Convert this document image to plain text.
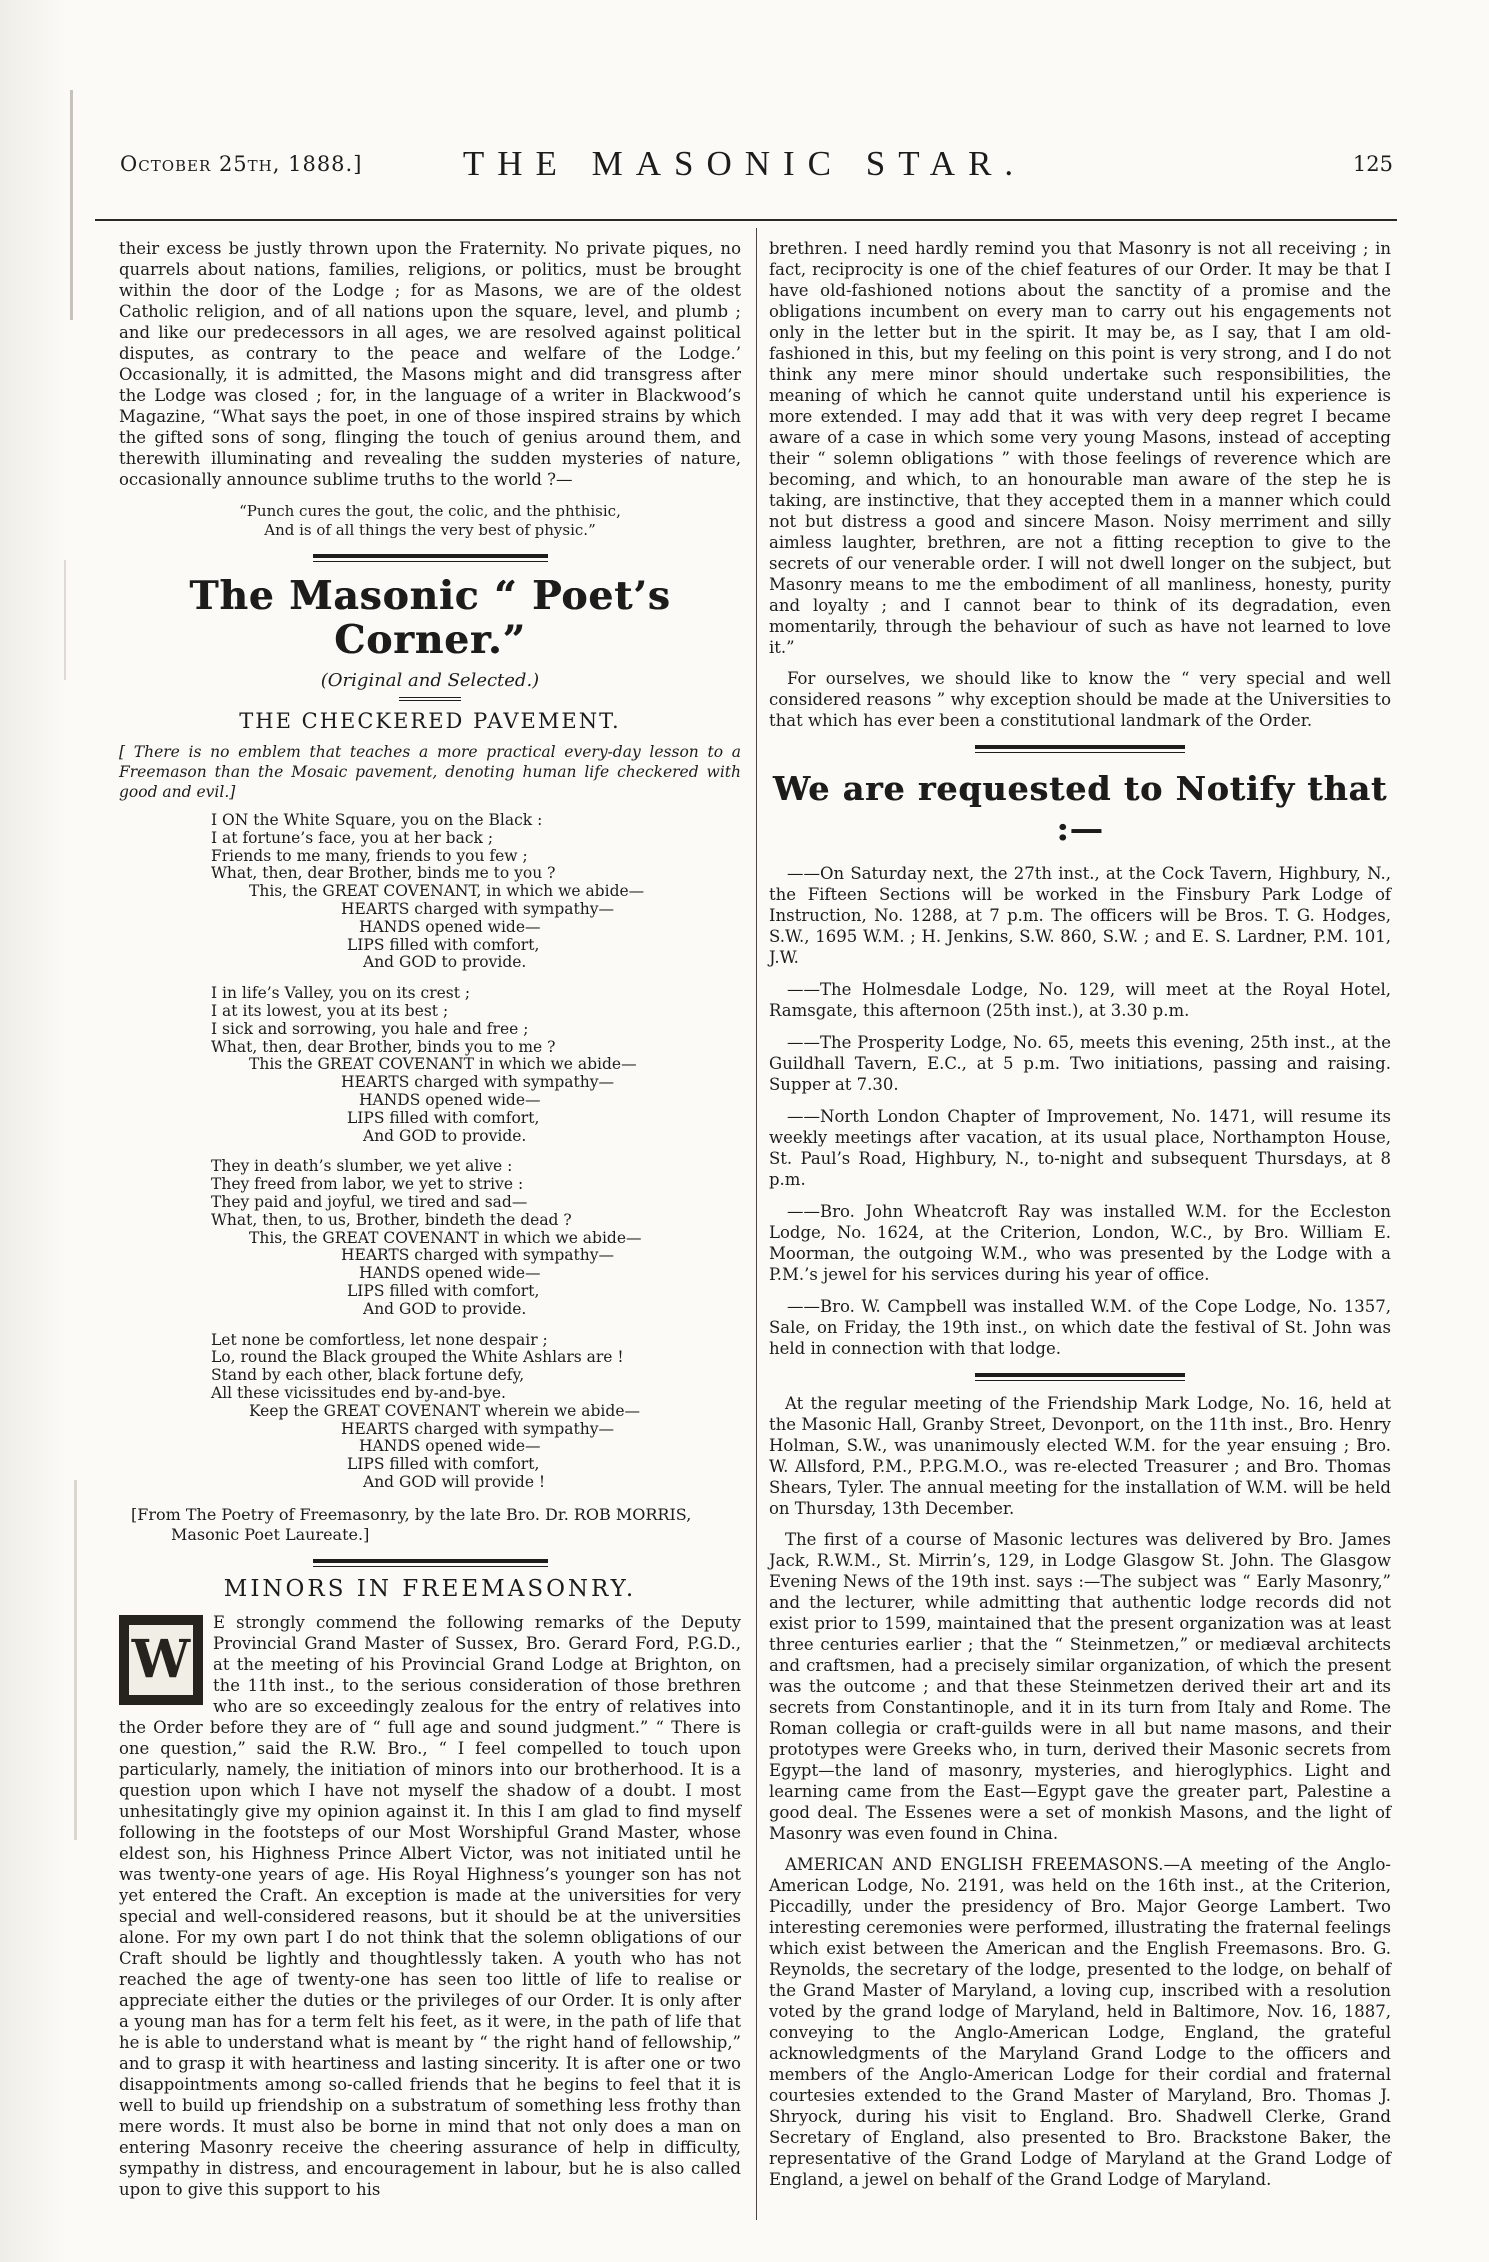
October 25th, 1888.]	THE MASONIC STAR.	125

their excess be justly thrown upon the Fraternity. No private piques, no quarrels about nations, families, religions, or politics, must be brought within the door of the Lodge ; for as Masons, we are of the oldest Catholic religion, and of all nations upon the square, level, and plumb ; and like our predecessors in all ages, we are resolved against political disputes, as contrary to the peace and welfare of the Lodge.’ Occasionally, it is admitted, the Masons might and did transgress after the Lodge was closed ; for, in the language of a writer in Blackwood’s Magazine, “What says the poet, in one of those inspired strains by which the gifted sons of song, flinging the touch of genius around them, and therewith illuminating and revealing the sudden mysteries of nature, occasionally announce sublime truths to the world ?—

“Punch cures the gout, the colic, and the phthisic,
And is of all things the very best of physic.”
The Masonic “ Poet’s Corner.”
(Original and Selected.)
THE CHECKERED PAVEMENT.

[ There is no emblem that teaches a more practical every-day lesson to a Freemason than the Mosaic pavement, denoting human life checkered with good and evil.]

I ON the White Square, you on the Black :
I at fortune’s face, you at her back ;
Friends to me many, friends to you few ;
What, then, dear Brother, binds me to you ?
This, the GREAT COVENANT, in which we abide—
HEARTS charged with sympathy—
HANDS opened wide—
LIPS filled with comfort,
And GOD to provide.
I in life’s Valley, you on its crest ;
I at its lowest, you at its best ;
I sick and sorrowing, you hale and free ;
What, then, dear Brother, binds you to me ?
This the GREAT COVENANT in which we abide—
HEARTS charged with sympathy—
HANDS opened wide—
LIPS filled with comfort,
And GOD to provide.
They in death’s slumber, we yet alive :
They freed from labor, we yet to strive :
They paid and joyful, we tired and sad—
What, then, to us, Brother, bindeth the dead ?
This, the GREAT COVENANT in which we abide—
HEARTS charged with sympathy—
HANDS opened wide—
LIPS filled with comfort,
And GOD to provide.
Let none be comfortless, let none despair ;
Lo, round the Black grouped the White Ashlars are !
Stand by each other, black fortune defy,
All these vicissitudes end by-and-bye.
Keep the GREAT COVENANT wherein we abide—
HEARTS charged with sympathy—
HANDS opened wide—
LIPS filled with comfort,
And GOD will provide !

[From The Poetry of Freemasonry, by the late Bro. Dr. ROB MORRIS, Masonic Poet Laureate.]

MINORS IN FREEMASONRY.
W

E strongly commend the following remarks of the Deputy Provincial Grand Master of Sussex, Bro. Gerard Ford, P.G.D., at the meeting of his Provincial Grand Lodge at Brighton, on the 11th inst., to the serious consideration of those brethren who are so exceedingly zealous for the entry of relatives into the Order before they are of “ full age and sound judgment.” “ There is one question,” said the R.W. Bro., “ I feel compelled to touch upon particularly, namely, the initiation of minors into our brotherhood. It is a question upon which I have not myself the shadow of a doubt. I most unhesitatingly give my opinion against it. In this I am glad to find myself following in the footsteps of our Most Worshipful Grand Master, whose eldest son, his Highness Prince Albert Victor, was not initiated until he was twenty-one years of age. His Royal Highness’s younger son has not yet entered the Craft. An exception is made at the universities for very special and well-considered reasons, but it should be at the universities alone. For my own part I do not think that the solemn obligations of our Craft should be lightly and thoughtlessly taken. A youth who has not reached the age of twenty-one has seen too little of life to realise or appreciate either the duties or the privileges of our Order. It is only after a young man has for a term felt his feet, as it were, in the path of life that he is able to understand what is meant by “ the right hand of fellowship,” and to grasp it with heartiness and lasting sincerity. It is after one or two disappointments among so-called friends that he begins to feel that it is well to build up friendship on a substratum of something less frothy than mere words. It must also be borne in mind that not only does a man on entering Masonry receive the cheering assurance of help in difficulty, sympathy in distress, and encouragement in labour, but he is also called upon to give this support to his

brethren. I need hardly remind you that Masonry is not all receiving ; in fact, reciprocity is one of the chief features of our Order. It may be that I have old-fashioned notions about the sanctity of a promise and the obligations incumbent on every man to carry out his engagements not only in the letter but in the spirit. It may be, as I say, that I am old-fashioned in this, but my feeling on this point is very strong, and I do not think any mere minor should undertake such responsibilities, the meaning of which he cannot quite understand until his experience is more extended. I may add that it was with very deep regret I became aware of a case in which some very young Masons, instead of accepting their “ solemn obligations ” with those feelings of reverence which are becoming, and which, to an honourable man aware of the step he is taking, are instinctive, that they accepted them in a manner which could not but distress a good and sincere Mason. Noisy merriment and silly aimless laughter, brethren, are not a fitting reception to give to the secrets of our venerable order. I will not dwell longer on the subject, but Masonry means to me the embodiment of all manliness, honesty, purity and loyalty ; and I cannot bear to think of its degradation, even momentarily, through the behaviour of such as have not learned to love it.”

For ourselves, we should like to know the “ very special and well considered reasons ” why exception should be made at the Universities to that which has ever been a constitutional landmark of the Order.

We are requested to Notify that :—

——On Saturday next, the 27th inst., at the Cock Tavern, Highbury, N., the Fifteen Sections will be worked in the Finsbury Park Lodge of Instruction, No. 1288, at 7 p.m. The officers will be Bros. T. G. Hodges, S.W., 1695 W.M. ; H. Jenkins, S.W. 860, S.W. ; and E. S. Lardner, P.M. 101, J.W.

——The Holmesdale Lodge, No. 129, will meet at the Royal Hotel, Ramsgate, this afternoon (25th inst.), at 3.30 p.m.

——The Prosperity Lodge, No. 65, meets this evening, 25th inst., at the Guildhall Tavern, E.C., at 5 p.m. Two initiations, passing and raising. Supper at 7.30.

——North London Chapter of Improvement, No. 1471, will resume its weekly meetings after vacation, at its usual place, Northampton House, St. Paul’s Road, Highbury, N., to-night and subsequent Thursdays, at 8 p.m.

——Bro. John Wheatcroft Ray was installed W.M. for the Eccleston Lodge, No. 1624, at the Criterion, London, W.C., by Bro. William E. Moorman, the outgoing W.M., who was presented by the Lodge with a P.M.’s jewel for his services during his year of office.

——Bro. W. Campbell was installed W.M. of the Cope Lodge, No. 1357, Sale, on Friday, the 19th inst., on which date the festival of St. John was held in connection with that lodge.

At the regular meeting of the Friendship Mark Lodge, No. 16, held at the Masonic Hall, Granby Street, Devonport, on the 11th inst., Bro. Henry Holman, S.W., was unanimously elected W.M. for the year ensuing ; Bro. W. Allsford, P.M., P.P.G.M.O., was re-elected Treasurer ; and Bro. Thomas Shears, Tyler. The annual meeting for the installation of W.M. will be held on Thursday, 13th December.

The first of a course of Masonic lectures was delivered by Bro. James Jack, R.W.M., St. Mirrin’s, 129, in Lodge Glasgow St. John. The Glasgow Evening News of the 19th inst. says :—The subject was “ Early Masonry,” and the lecturer, while admitting that authentic lodge records did not exist prior to 1599, maintained that the present organization was at least three centuries earlier ; that the “ Steinmetzen,” or mediæval architects and craftsmen, had a precisely similar organization, of which the present was the outcome ; and that these Steinmetzen derived their art and its secrets from Constantinople, and it in its turn from Italy and Rome. The Roman collegia or craft-guilds were in all but name masons, and their prototypes were Greeks who, in turn, derived their Masonic secrets from Egypt—the land of masonry, mysteries, and hieroglyphics. Light and learning came from the East—Egypt gave the greater part, Palestine a good deal. The Essenes were a set of monkish Masons, and the light of Masonry was even found in China.

AMERICAN AND ENGLISH FREEMASONS.—A meeting of the Anglo-American Lodge, No. 2191, was held on the 16th inst., at the Criterion, Piccadilly, under the presidency of Bro. Major George Lambert. Two interesting ceremonies were performed, illustrating the fraternal feelings which exist between the American and the English Freemasons. Bro. G. Reynolds, the secretary of the lodge, presented to the lodge, on behalf of the Grand Master of Maryland, a loving cup, inscribed with a resolution voted by the grand lodge of Maryland, held in Baltimore, Nov. 16, 1887, conveying to the Anglo-American Lodge, England, the grateful acknowledgments of the Maryland Grand Lodge to the officers and members of the Anglo-American Lodge for their cordial and fraternal courtesies extended to the Grand Master of Maryland, Bro. Thomas J. Shryock, during his visit to England. Bro. Shadwell Clerke, Grand Secretary of England, also presented to Bro. Brackstone Baker, the representative of the Grand Lodge of Maryland at the Grand Lodge of England, a jewel on behalf of the Grand Lodge of Maryland.
